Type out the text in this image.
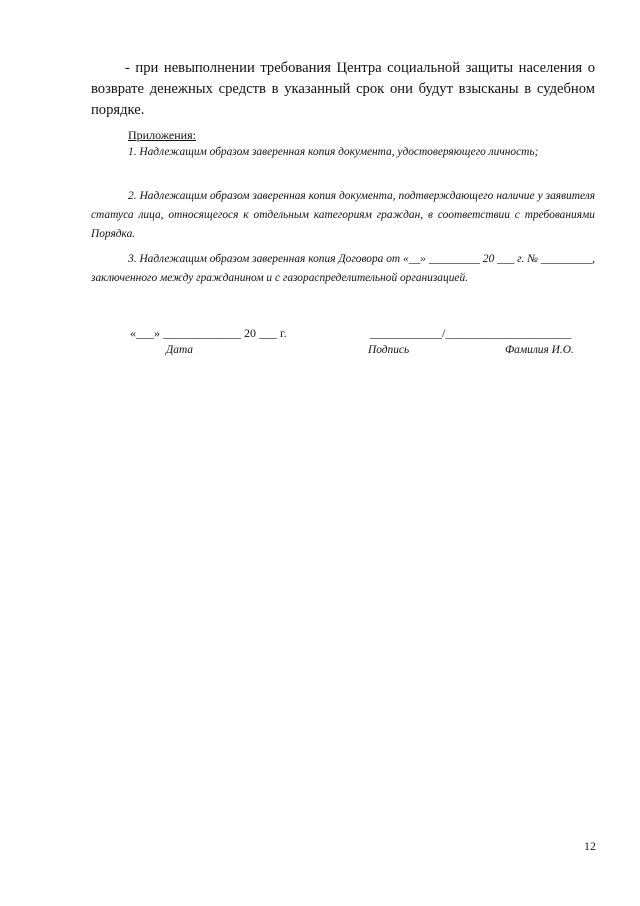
- при невыполнении требования Центра социальной защиты населения о возврате денежных средств в указанный срок они будут взысканы в судебном порядке.

Приложения:

1. Надлежащим образом заверенная копия документа, удостоверяющего личность;

2. Надлежащим образом заверенная копия документа, подтверждающего наличие у заявителя статуса лица, относящегося к отдельным категориям граждан, в соответствии с требованиями Порядка.

3. Надлежащим образом заверенная копия Договора от «__» _________ 20 ___ г. № _________, заключенного между гражданином и с газораспределительной организацией.

«___» _____________ 20 ___ г.	____________/_____________________

Дата	Подпись	Фамилия И.О.

12
